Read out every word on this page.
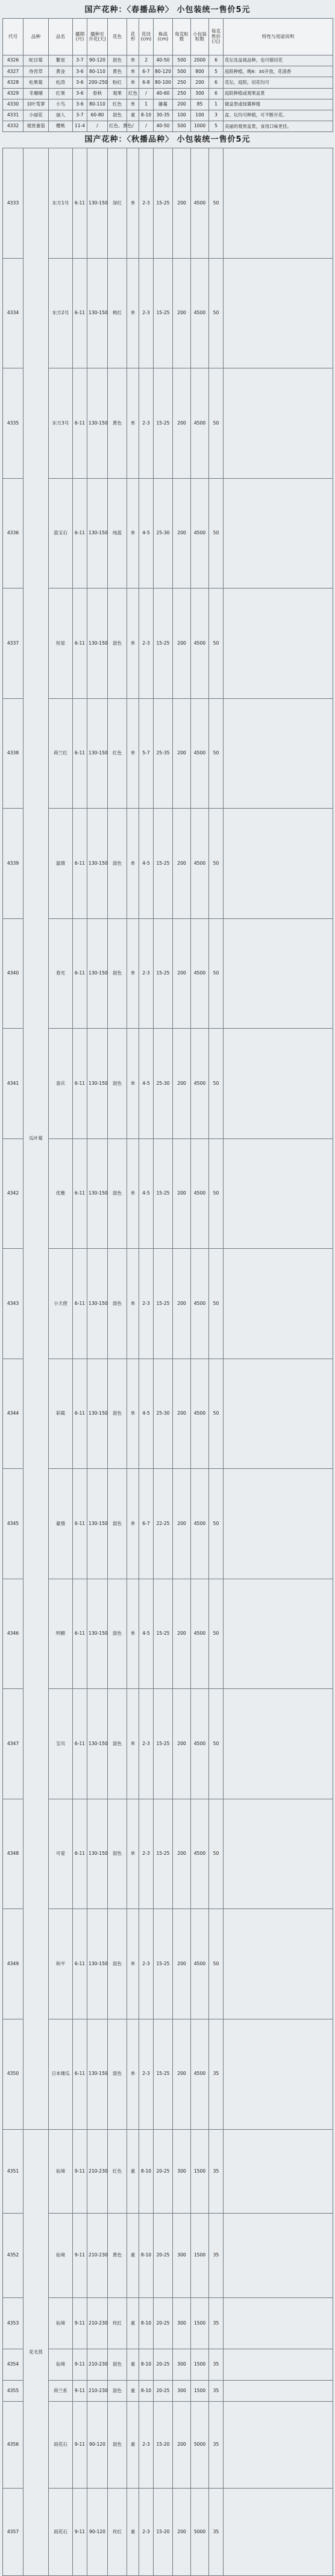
国产花种：〈春播品种〉 小包装统一售价5元
代号	品种	品名	播期(月)	播种至开花(天)	花色	花形	花径(cm)	株高(cm)	每克粒数	小包装粒数	每克售价(元)	特性与用途说明
4326	蛇目菊	繁星	3-7	90-120	混色	单	2	40-50	500	2000	6	花坛及盆栽品种，也可做切花
4327	待宵草	黄金	3-6	80-110	黄色	单	6-7	80-120	500	800	5	庭院种植，晚8：30开放，花清香
4328	松果菊	松涛	3-6	200-250	粉红	单	6-8	80-100	250	200	6	花坛、庭院，切花均可
4329	冬珊瑚	红果	3-6	春秋	观果	红色	/	40-60	250	300	6	庭院种植或观果盆景
4330	羽叶茑萝	小鸟	3-6	80-110	红色	单	1	藤蔓	200	85	1	做盆景或绿篱种植
4331	小丽花	丽人	3-7	60-80	混色	重	8-10	30-35	100	100	3	盆、坛均可种植，可不断开花。
4332	观赏番茄	樱桃	11-4	/	红色、黄色	/	/	40-50	500	1000	5	美丽的观赏盆景，食用口味更佳。
国产花种：〈秋播品种〉 小包装统一售价5元
4333	瓜叶菊	东方1号	6-11	130-150	深红	单	2-3	15-25	200	4500	50		
4334		东方2号	6-11	130-150	桃红	单	2-3	15-25	200	4500	50		
4335		东方3号	6-11	130-150	黄色	单	2-3	15-25	200	4500	50		
4336		蓝宝石	6-11	130-150	纯蓝	单	4-5	25-30	200	4500	50		
4337		恒星	6-11	130-150	混色	单	2-3	15-25	200	4500	50		
4338		荷兰红	6-11	130-150	红色	单	5-7	25-35	200	4500	50		
4339		温情	6-11	130-150	混色	单	4-5	15-25	200	4500	50		
4340		春光	6-11	130-150	混色	单	2-3	15-25	200	4500	50		
4341		喜庆	6-11	130-150	混色	单	4-5	25-30	200	4500	50		
4342		优雅	6-11	130-150	混色	单	4-5	15-25	200	4500	50		
4343		小天使	6-11	130-150	混色	单	2-3	15-25	200	4500	50		
4344		彩霞	6-11	130-150	混色	单	4-5	25-30	200	4500	50		
4345		豪情	6-11	130-150	混色	单	6-7	22-25	200	4500	50		
4346		明媚	6-11	130-150	混色	单	4-5	15-25	200	4500	50		
4347		宝贝	6-11	130-150	混色	单	2-3	15-25	200	4500	50		
4348		可爱	6-11	130-150	混色	单	2-3	15-25	200	4500	50		
4349		和平	6-11	130-150	混色	单	2-3	15-25	200	4500	50		
4350		日本矮瓜	6-11	130-150	混色	单	2-3	15-25	200	4500	35		
4351	花毛茛	仙境	9-11	210-230	红色	重	8-10	20-25	300	1500	35		
4352		仙境	9-11	210-230	黄色	重	8-10	20-25	300	1500	35		
4353		仙境	9-11	210-230	玫红	重	8-10	20-25	300	1500	35		
4354		仙境	9-11	210-230	混色	重	8-10	20-25	300	1500	35		
4355		荷兰系	9-11	210-230	混色	重	8-10	20-25	300	1500	35		
4356		雨花石	9-11	90-120	混色	重	2-3	15-20	200	5000	35		
4357		雨花石	9-11	90-120	玫红	重	2-3	15-20	200	5000	35		
